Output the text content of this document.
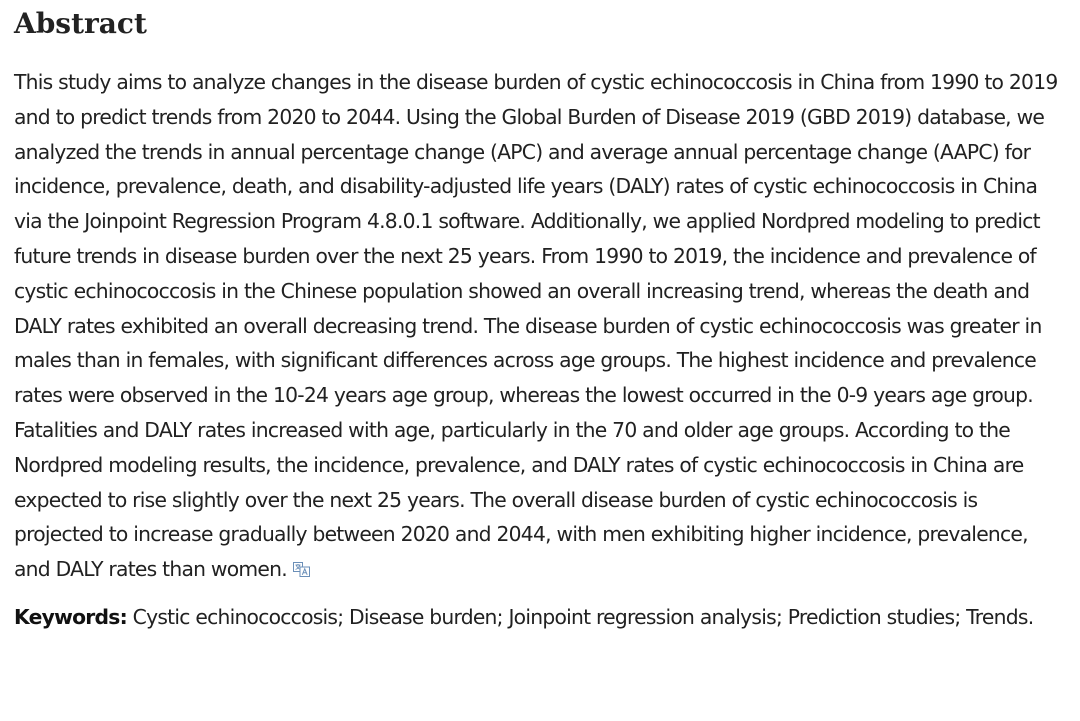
Abstract

This study aims to analyze changes in the disease burden of cystic echinococcosis in China from 1990 to 2019 and to predict trends from 2020 to 2044. Using the Global Burden of Disease 2019 (GBD 2019) database, we analyzed the trends in annual percentage change (APC) and average annual percentage change (AAPC) for incidence, prevalence, death, and disability-adjusted life years (DALY) rates of cystic echinococcosis in China via the Joinpoint Regression Program 4.8.0.1 software. Additionally, we applied Nordpred modeling to predict future trends in disease burden over the next 25 years. From 1990 to 2019, the incidence and prevalence of cystic echinococcosis in the Chinese population showed an overall increasing trend, whereas the death and DALY rates exhibited an overall decreasing trend. The disease burden of cystic echinococcosis was greater in males than in females, with significant differences across age groups. The highest incidence and prevalence rates were observed in the 10-24 years age group, whereas the lowest occurred in the 0-9 years age group. Fatalities and DALY rates increased with age, particularly in the 70 and older age groups. According to the Nordpred modeling results, the incidence, prevalence, and DALY rates of cystic echinococcosis in China are expected to rise slightly over the next 25 years. The overall disease burden of cystic echinococcosis is projected to increase gradually between 2020 and 2044, with men exhibiting higher incidence, prevalence, and DALY rates than women.

Keywords: Cystic echinococcosis; Disease burden; Joinpoint regression analysis; Prediction studies; Trends.
